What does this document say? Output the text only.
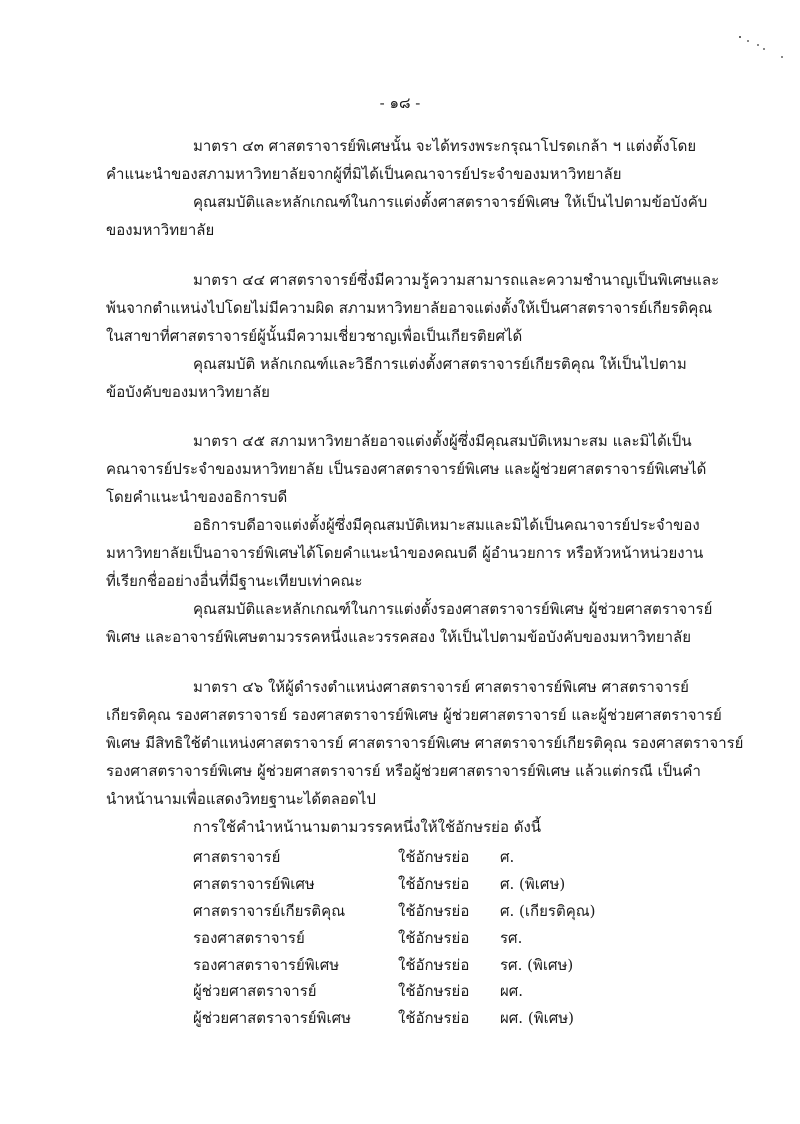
- ๑๘ -
มาตรา ๔๓ ศาสตราจารย์พิเศษนั้น จะได้ทรงพระกรุณาโปรดเกล้า ฯ แต่งตั้งโดย
คำแนะนำของสภามหาวิทยาลัยจากผู้ที่มิได้เป็นคณาจารย์ประจำของมหาวิทยาลัย
คุณสมบัติและหลักเกณฑ์ในการแต่งตั้งศาสตราจารย์พิเศษ ให้เป็นไปตามข้อบังคับ
ของมหาวิทยาลัย
มาตรา ๔๔ ศาสตราจารย์ซึ่งมีความรู้ความสามารถและความชำนาญเป็นพิเศษและ
พ้นจากตำแหน่งไปโดยไม่มีความผิด สภามหาวิทยาลัยอาจแต่งตั้งให้เป็นศาสตราจารย์เกียรติคุณ
ในสาขาที่ศาสตราจารย์ผู้นั้นมีความเชี่ยวชาญเพื่อเป็นเกียรติยศได้
คุณสมบัติ หลักเกณฑ์และวิธีการแต่งตั้งศาสตราจารย์เกียรติคุณ ให้เป็นไปตาม
ข้อบังคับของมหาวิทยาลัย
มาตรา ๔๕ สภามหาวิทยาลัยอาจแต่งตั้งผู้ซึ่งมีคุณสมบัติเหมาะสม และมิได้เป็น
คณาจารย์ประจำของมหาวิทยาลัย เป็นรองศาสตราจารย์พิเศษ และผู้ช่วยศาสตราจารย์พิเศษได้
โดยคำแนะนำของอธิการบดี
อธิการบดีอาจแต่งตั้งผู้ซึ่งมีคุณสมบัติเหมาะสมและมิได้เป็นคณาจารย์ประจำของ
มหาวิทยาลัยเป็นอาจารย์พิเศษได้โดยคำแนะนำของคณบดี ผู้อำนวยการ หรือหัวหน้าหน่วยงาน
ที่เรียกชื่ออย่างอื่นที่มีฐานะเทียบเท่าคณะ
คุณสมบัติและหลักเกณฑ์ในการแต่งตั้งรองศาสตราจารย์พิเศษ ผู้ช่วยศาสตราจารย์
พิเศษ และอาจารย์พิเศษตามวรรคหนึ่งและวรรคสอง ให้เป็นไปตามข้อบังคับของมหาวิทยาลัย
มาตรา ๔๖ ให้ผู้ดำรงตำแหน่งศาสตราจารย์ ศาสตราจารย์พิเศษ ศาสตราจารย์
เกียรติคุณ รองศาสตราจารย์ รองศาสตราจารย์พิเศษ ผู้ช่วยศาสตราจารย์ และผู้ช่วยศาสตราจารย์
พิเศษ มีสิทธิใช้ตำแหน่งศาสตราจารย์ ศาสตราจารย์พิเศษ ศาสตราจารย์เกียรติคุณ รองศาสตราจารย์
รองศาสตราจารย์พิเศษ ผู้ช่วยศาสตราจารย์ หรือผู้ช่วยศาสตราจารย์พิเศษ แล้วแต่กรณี เป็นคำ
นำหน้านามเพื่อแสดงวิทยฐานะได้ตลอดไป
การใช้คำนำหน้านามตามวรรคหนึ่งให้ใช้อักษรย่อ ดังนี้
ศาสตราจารย์	ใช้อักษรย่อ	ศ.
ศาสตราจารย์พิเศษ	ใช้อักษรย่อ	ศ. (พิเศษ)
ศาสตราจารย์เกียรติคุณ	ใช้อักษรย่อ	ศ. (เกียรติคุณ)
รองศาสตราจารย์	ใช้อักษรย่อ	รศ.
รองศาสตราจารย์พิเศษ	ใช้อักษรย่อ	รศ. (พิเศษ)
ผู้ช่วยศาสตราจารย์	ใช้อักษรย่อ	ผศ.
ผู้ช่วยศาสตราจารย์พิเศษ	ใช้อักษรย่อ	ผศ. (พิเศษ)
